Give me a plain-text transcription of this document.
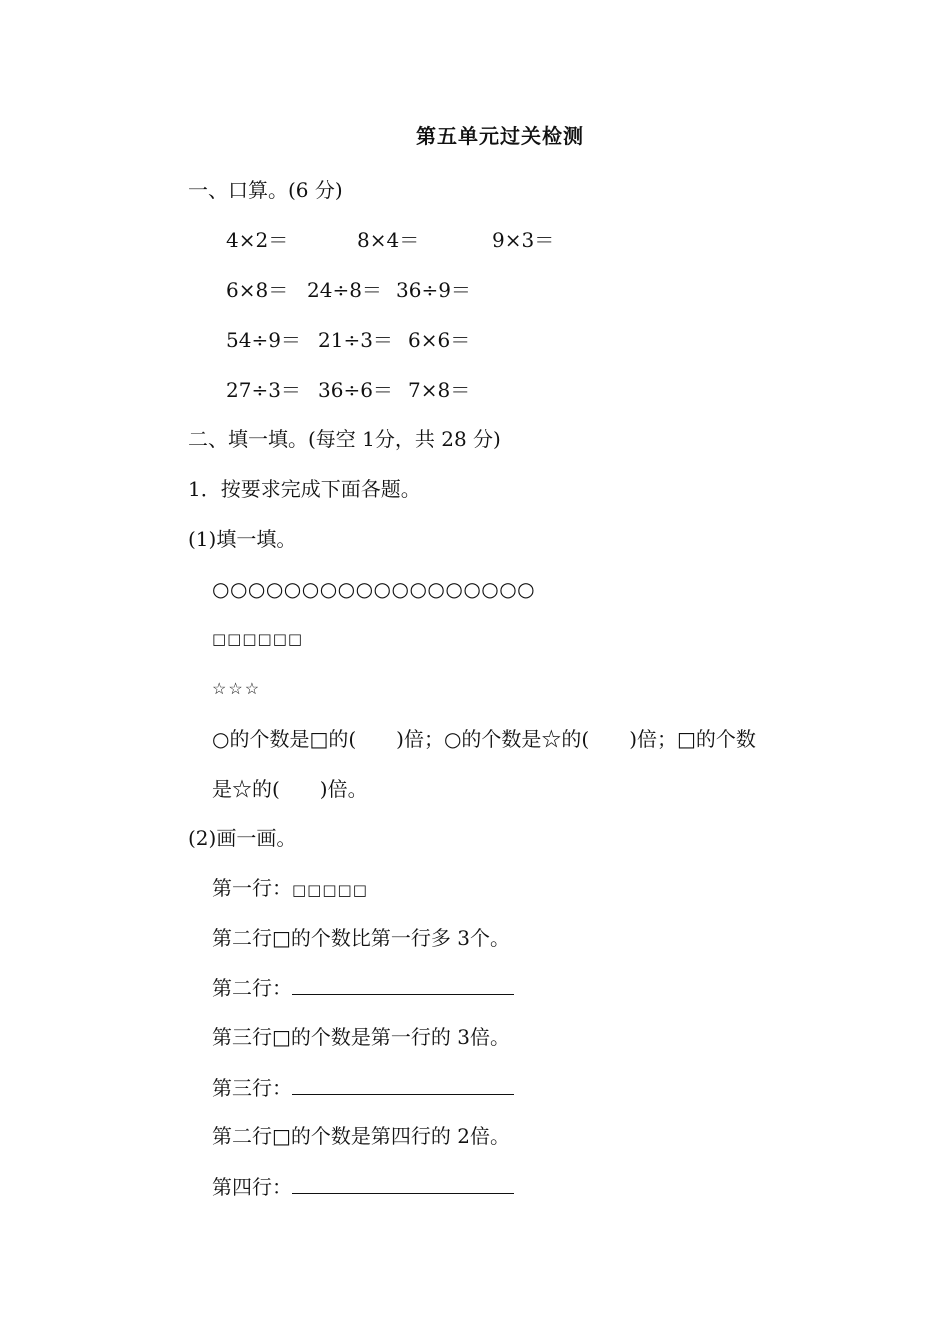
第五单元过关检测
一、口算。(6 分)
4×2＝	8×4＝	9×3＝
6×8＝ 24÷8＝ 36÷9＝
54÷9＝ 21÷3＝ 6×6＝
27÷3＝ 36÷6＝ 7×8＝
二、填一填。(每空 1分，共 28 分)
1．按要求完成下面各题。
(1)填一填。
○○○○○○○○○○○○○○○○○○
□□□□□□
☆☆☆
○的个数是□的(　　)倍；○的个数是☆的(　　)倍；□的个数
是☆的(　　)倍。
(2)画一画。
第一行：□□□□□
第二行□的个数比第一行多 3个。
第二行：
第三行□的个数是第一行的 3倍。
第三行：
第二行□的个数是第四行的 2倍。
第四行：
